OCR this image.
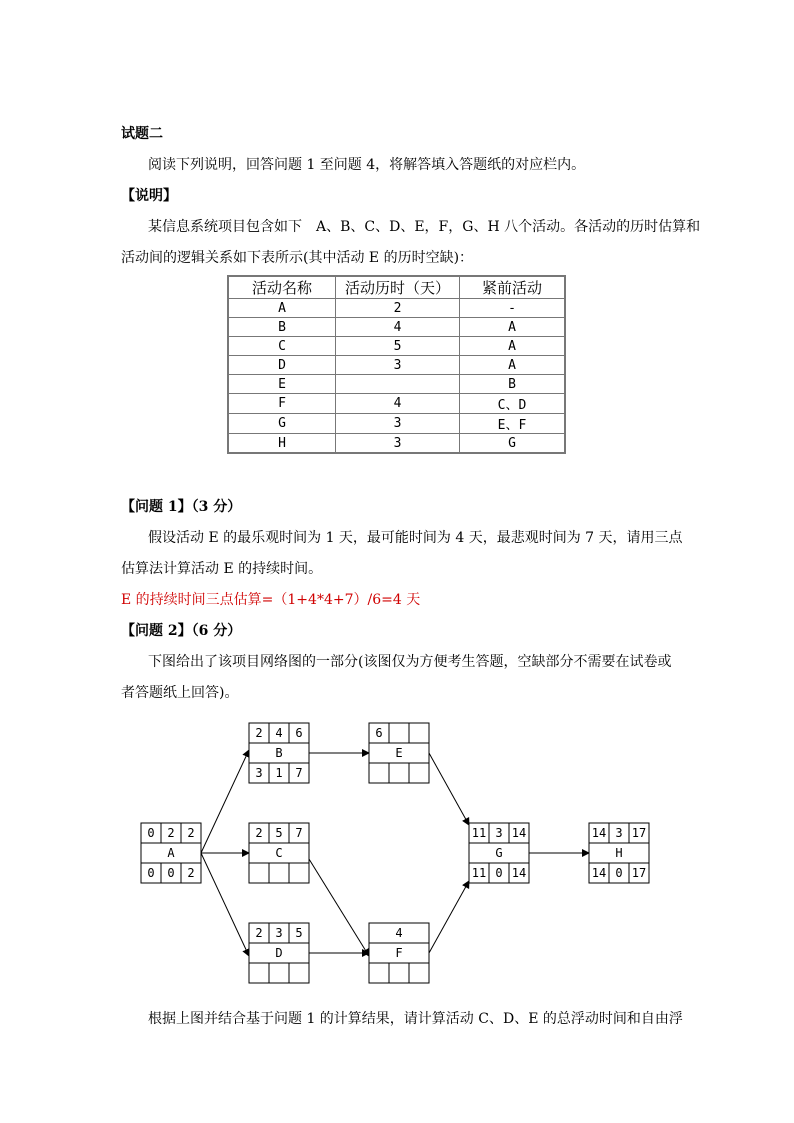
试题二
阅读下列说明，回答问题 1 至问题 4，将解答填入答题纸的对应栏内。
【说明】
某信息系统项目包含如下　A、B、C、D、E，F，G、H 八个活动。各活动的历时估算和
活动间的逻辑关系如下表所示(其中活动 E 的历时空缺)：
活动名称	活动历时（天）	紧前活动
A	2	-
B	4	A
C	5	A
D	3	A
E		B
F	4	C、D
G	3	E、F
H	3	G
【问题 1】（3 分）
假设活动 E 的最乐观时间为 1 天，最可能时间为 4 天，最悲观时间为 7 天，请用三点
估算法计算活动 E 的持续时间。
E 的持续时间三点估算=（1+4*4+7）/6=4 天
【问题 2】（6 分）
下图给出了该项目网络图的一部分(该图仅为方便考生答题，空缺部分不需要在试卷或
者答题纸上回答)。
0 2 2
A
0 0 2
2 4 6
B
3 1 7
2 5 7
C
2 3 5
D
6
E
4
F
11 3 14
G
11 0 14
14 3 17
H
14 0 17
根据上图并结合基于问题 1 的计算结果，请计算活动 C、D、E 的总浮动时间和自由浮
